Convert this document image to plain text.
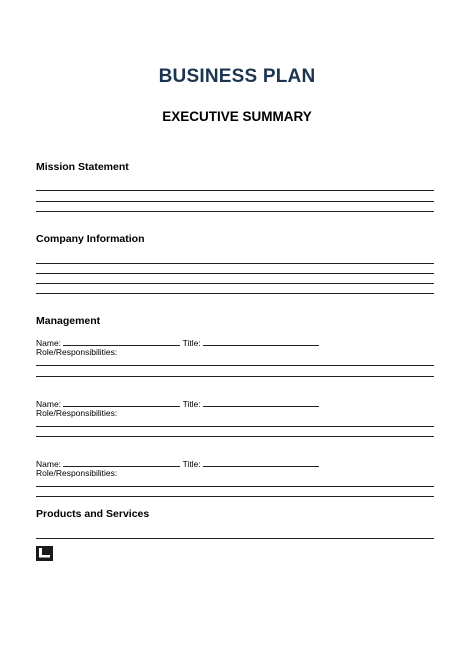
BUSINESS PLAN
EXECUTIVE SUMMARY
Mission Statement
Company Information
Management
Name:	Title:
Role/Responsibilities:
Name:	Title:
Role/Responsibilities:
Name:	Title:
Role/Responsibilities:
Products and Services
